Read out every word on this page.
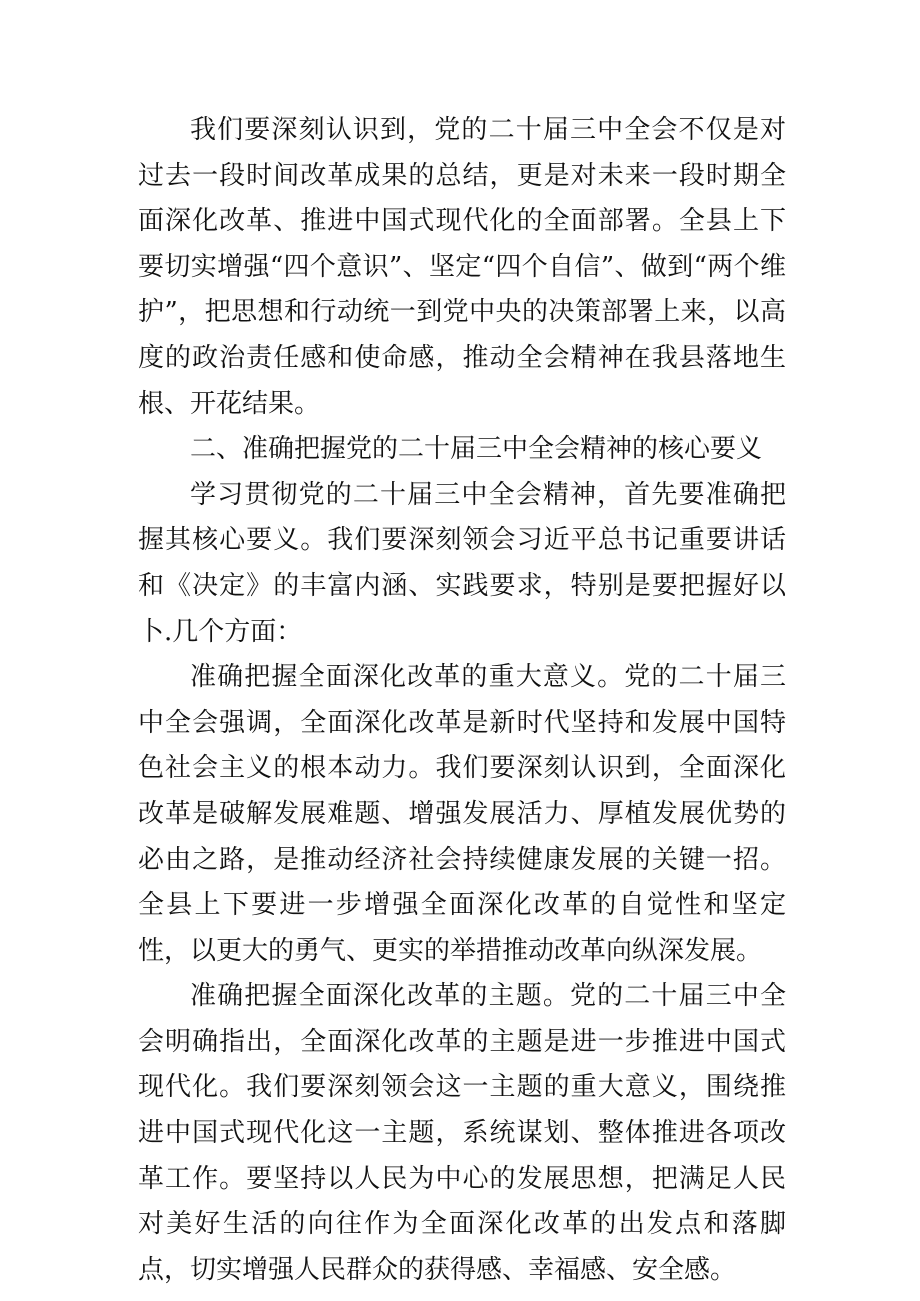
我们要深刻认识到，党的二十届三中全会不仅是对过去一段时间改革成果的总结，更是对未来一段时期全面深化改革、推进中国式现代化的全面部署。全县上下要切实增强“四个意识”、坚定“四个自信”、做到“两个维护”，把思想和行动统一到党中央的决策部署上来，以高度的政治责任感和使命感，推动全会精神在我县落地生根、开花结果。

二、准确把握党的二十届三中全会精神的核心要义

学习贯彻党的二十届三中全会精神，首先要准确把握其核心要义。我们要深刻领会习近平总书记重要讲话和《决定》的丰富内涵、实践要求，特别是要把握好以卜.几个方面：

准确把握全面深化改革的重大意义。党的二十届三中全会强调，全面深化改革是新时代坚持和发展中国特色社会主义的根本动力。我们要深刻认识到，全面深化改革是破解发展难题、增强发展活力、厚植发展优势的必由之路，是推动经济社会持续健康发展的关键一招。全县上下要进一步增强全面深化改革的自觉性和坚定性，以更大的勇气、更实的举措推动改革向纵深发展。

准确把握全面深化改革的主题。党的二十届三中全会明确指出，全面深化改革的主题是进一步推进中国式现代化。我们要深刻领会这一主题的重大意义，围绕推进中国式现代化这一主题，系统谋划、整体推进各项改革工作。要坚持以人民为中心的发展思想，把满足人民对美好生活的向往作为全面深化改革的出发点和落脚点，切实增强人民群众的获得感、幸福感、安全感。
